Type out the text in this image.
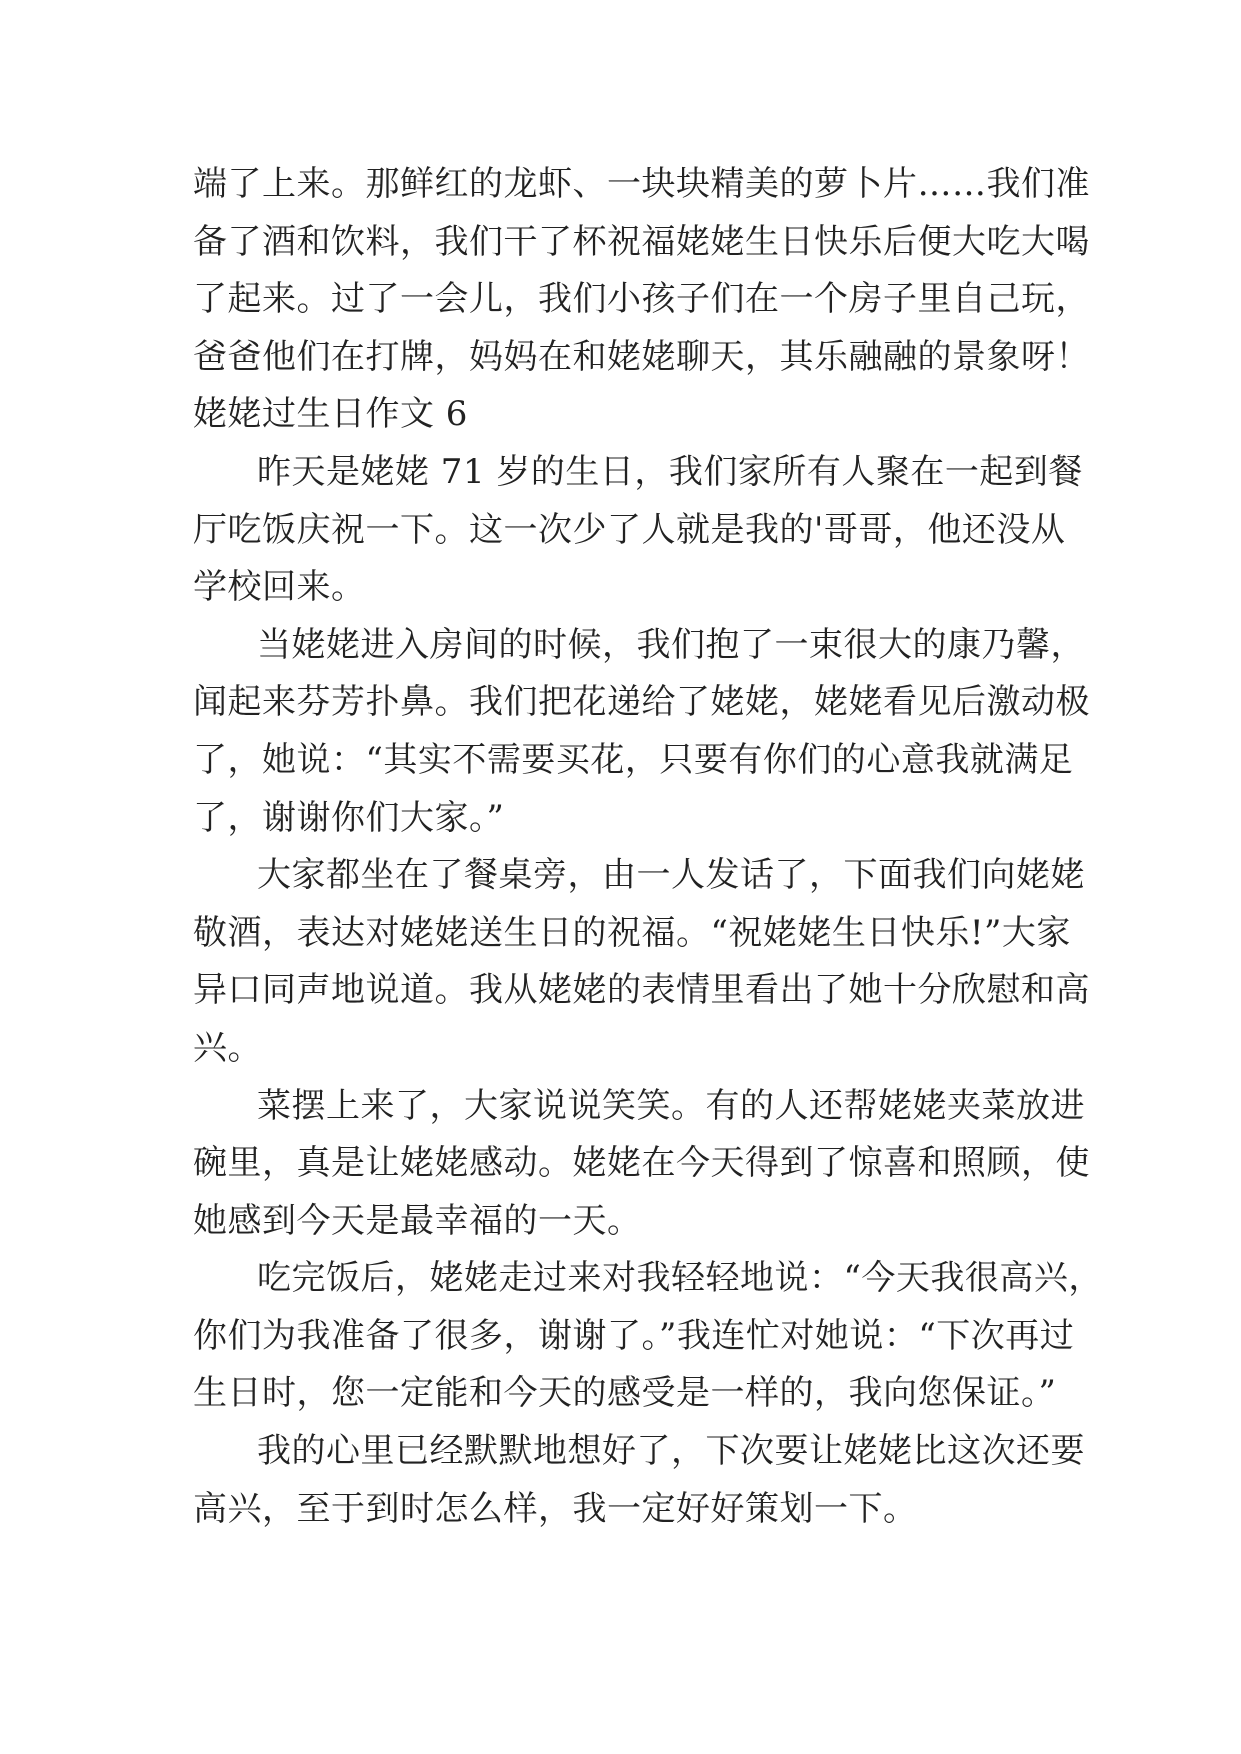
端了上来。那鲜红的龙虾、一块块精美的萝卜片……我们准
备了酒和饮料，我们干了杯祝福姥姥生日快乐后便大吃大喝
了起来。过了一会儿，我们小孩子们在一个房子里自己玩，
爸爸他们在打牌，妈妈在和姥姥聊天，其乐融融的景象呀！
姥姥过生日作文 6
昨天是姥姥 71 岁的生日，我们家所有人聚在一起到餐
厅吃饭庆祝一下。这一次少了人就是我的'哥哥，他还没从
学校回来。
当姥姥进入房间的时候，我们抱了一束很大的康乃馨，
闻起来芬芳扑鼻。我们把花递给了姥姥，姥姥看见后激动极
了，她说：“其实不需要买花，只要有你们的心意我就满足
了，谢谢你们大家。”
大家都坐在了餐桌旁，由一人发话了，下面我们向姥姥
敬酒，表达对姥姥送生日的祝福。“祝姥姥生日快乐!”大家
异口同声地说道。我从姥姥的表情里看出了她十分欣慰和高
兴。
菜摆上来了，大家说说笑笑。有的人还帮姥姥夹菜放进
碗里，真是让姥姥感动。姥姥在今天得到了惊喜和照顾，使
她感到今天是最幸福的一天。
吃完饭后，姥姥走过来对我轻轻地说：“今天我很高兴，
你们为我准备了很多，谢谢了。”我连忙对她说：“下次再过
生日时，您一定能和今天的感受是一样的，我向您保证。”
我的心里已经默默地想好了，下次要让姥姥比这次还要
高兴，至于到时怎么样，我一定好好策划一下。
